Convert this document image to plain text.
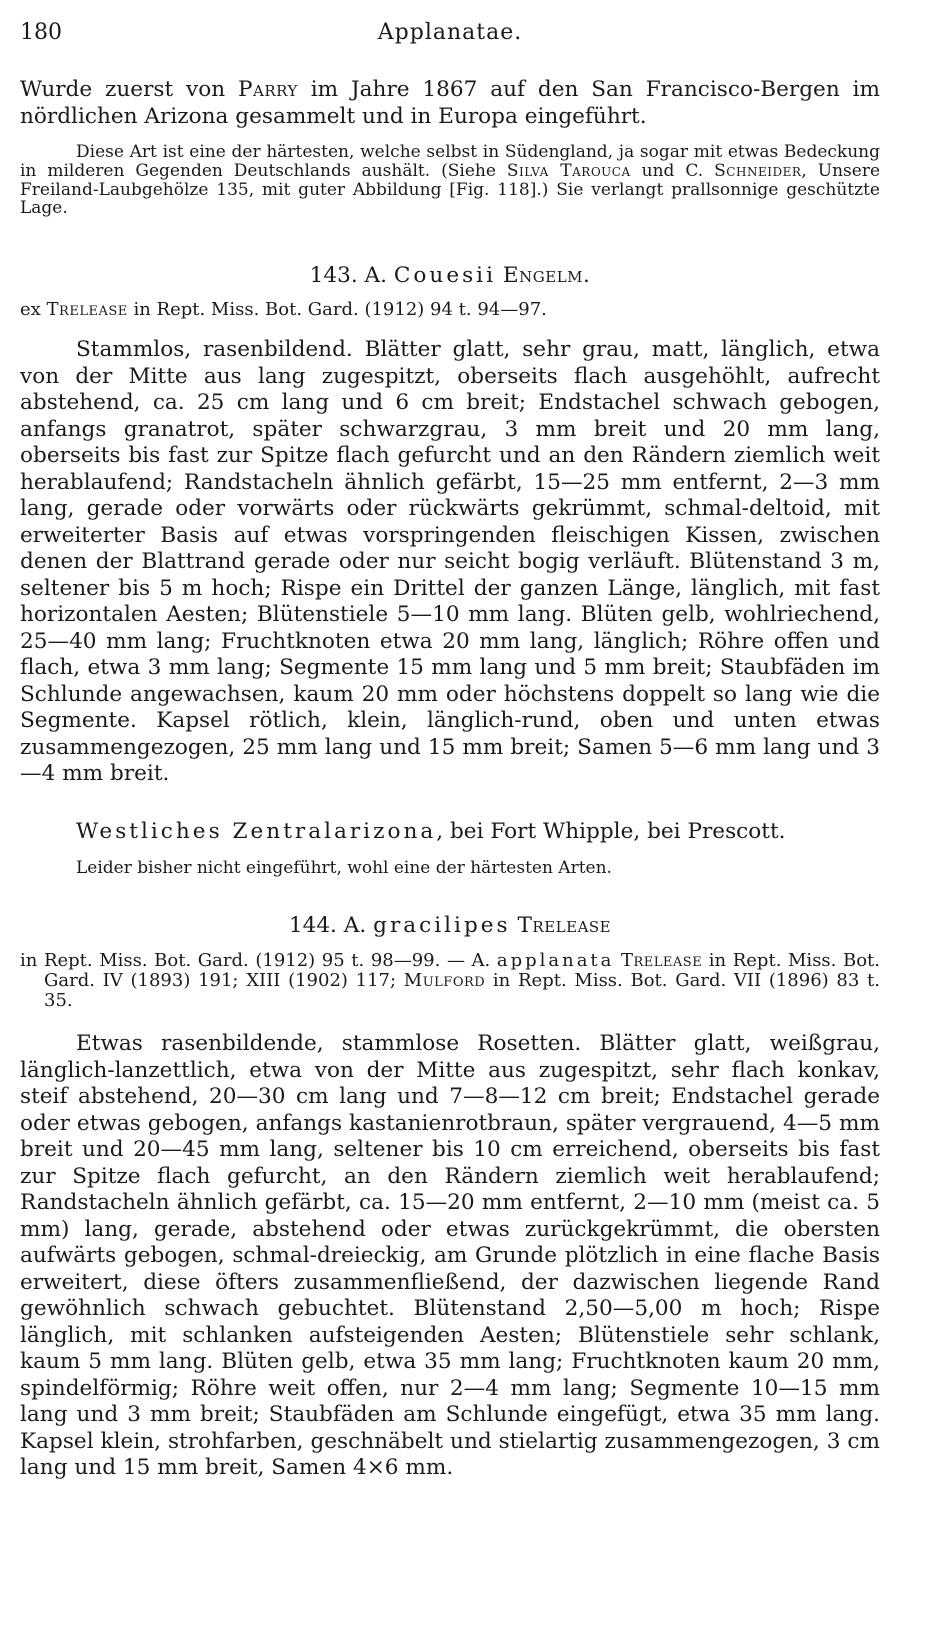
180	Applanatae.

Wurde zuerst von Parry im Jahre 1867 auf den San Francisco-Bergen im nördlichen Arizona gesammelt und in Europa eingeführt.

Diese Art ist eine der härtesten, welche selbst in Südengland, ja sogar mit etwas Bedeckung in milderen Gegenden Deutschlands aushält. (Siehe Silva Tarouca und C. Schneider, Unsere Freiland-Laubgehölze 135, mit guter Abbildung [Fig. 118].) Sie verlangt prallsonnige geschützte Lage.

143. A. Couesii Engelm.

ex Trelease in Rept. Miss. Bot. Gard. (1912) 94 t. 94—97.

Stammlos, rasenbildend. Blätter glatt, sehr grau, matt, länglich, etwa von der Mitte aus lang zugespitzt, oberseits flach ausgehöhlt, aufrecht abstehend, ca. 25 cm lang und 6 cm breit; Endstachel schwach gebogen, anfangs granatrot, später schwarzgrau, 3 mm breit und 20 mm lang, oberseits bis fast zur Spitze flach gefurcht und an den Rändern ziemlich weit herablaufend; Randstacheln ähnlich gefärbt, 15—25 mm entfernt, 2—3 mm lang, gerade oder vorwärts oder rückwärts gekrümmt, schmal-deltoid, mit erweiterter Basis auf etwas vorspringenden fleischigen Kissen, zwischen denen der Blattrand gerade oder nur seicht bogig verläuft. Blütenstand 3 m, seltener bis 5 m hoch; Rispe ein Drittel der ganzen Länge, länglich, mit fast horizontalen Aesten; Blütenstiele 5—10 mm lang. Blüten gelb, wohlriechend, 25—40 mm lang; Fruchtknoten etwa 20 mm lang, länglich; Röhre offen und flach, etwa 3 mm lang; Segmente 15 mm lang und 5 mm breit; Staubfäden im Schlunde angewachsen, kaum 20 mm oder höchstens doppelt so lang wie die Segmente. Kapsel rötlich, klein, länglich-rund, oben und unten etwas zusammengezogen, 25 mm lang und 15 mm breit; Samen 5—6 mm lang und 3—4 mm breit.

Westliches Zentralarizona, bei Fort Whipple, bei Prescott.

Leider bisher nicht eingeführt, wohl eine der härtesten Arten.

144. A. gracilipes Trelease

in Rept. Miss. Bot. Gard. (1912) 95 t. 98—99. — A. applanata Trelease in Rept. Miss. Bot. Gard. IV (1893) 191; XIII (1902) 117; Mulford in Rept. Miss. Bot. Gard. VII (1896) 83 t. 35.

Etwas rasenbildende, stammlose Rosetten. Blätter glatt, weißgrau, länglich-lanzettlich, etwa von der Mitte aus zugespitzt, sehr flach konkav, steif abstehend, 20—30 cm lang und 7—8—12 cm breit; Endstachel gerade oder etwas gebogen, anfangs kastanienrotbraun, später vergrauend, 4—5 mm breit und 20—45 mm lang, seltener bis 10 cm erreichend, oberseits bis fast zur Spitze flach gefurcht, an den Rändern ziemlich weit herablaufend; Randstacheln ähnlich gefärbt, ca. 15—20 mm entfernt, 2—10 mm (meist ca. 5 mm) lang, gerade, abstehend oder etwas zurückgekrümmt, die obersten aufwärts gebogen, schmal-dreieckig, am Grunde plötzlich in eine flache Basis erweitert, diese öfters zusammenfließend, der dazwischen liegende Rand gewöhnlich schwach gebuchtet. Blütenstand 2,50—5,00 m hoch; Rispe länglich, mit schlanken aufsteigenden Aesten; Blütenstiele sehr schlank, kaum 5 mm lang. Blüten gelb, etwa 35 mm lang; Fruchtknoten kaum 20 mm, spindelförmig; Röhre weit offen, nur 2—4 mm lang; Segmente 10—15 mm lang und 3 mm breit; Staubfäden am Schlunde eingefügt, etwa 35 mm lang. Kapsel klein, strohfarben, geschnäbelt und stielartig zusammengezogen, 3 cm lang und 15 mm breit, Samen 4×6 mm.
